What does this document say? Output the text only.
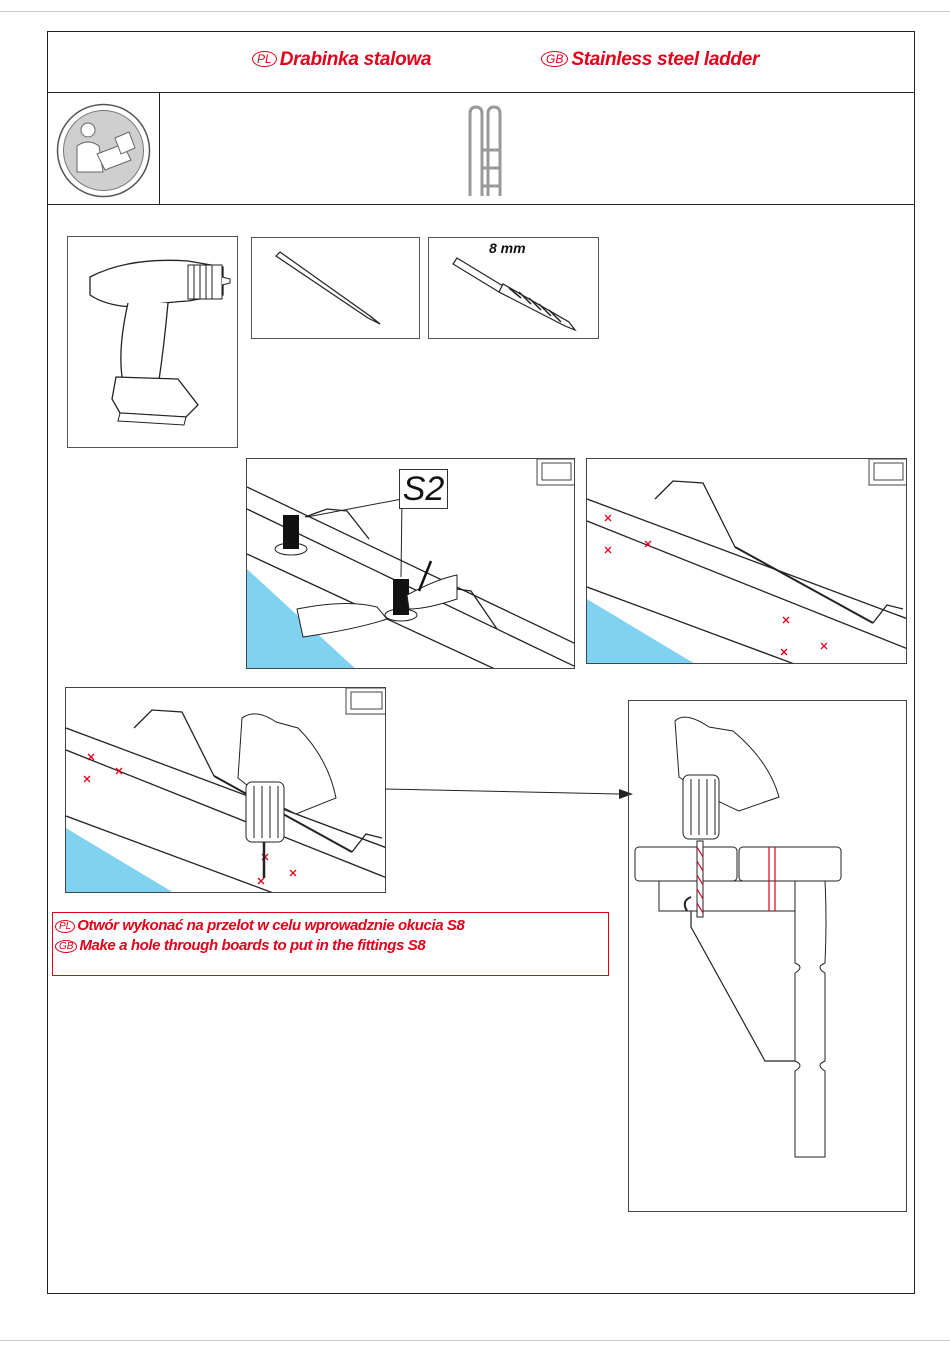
PL Drabinka stalowa	GB Stainless steel ladder
8 mm
S2
PL Otwór wykonać na przelot w celu wprowadznie okucia S8
GB Make a hole through boards to put in the fittings S8
